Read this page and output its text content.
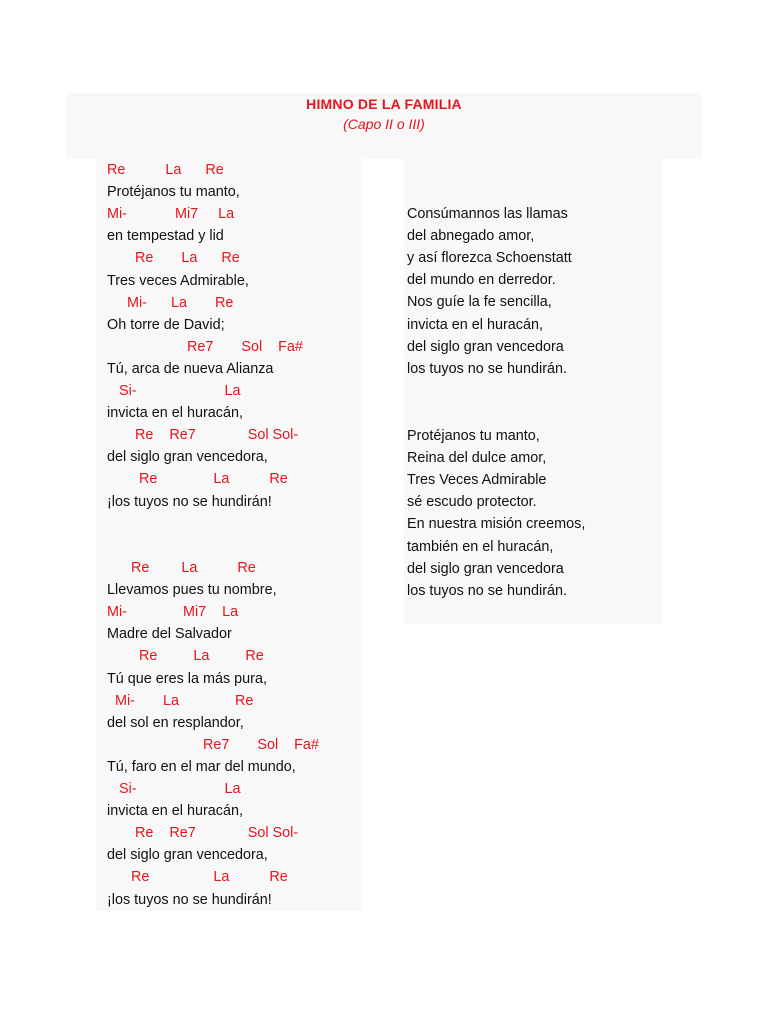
HIMNO DE LA FAMILIA
(Capo II o III)
Re          La      Re
Protéjanos tu manto,
Mi-            Mi7     La
en tempestad y lid
Re       La      Re
Tres veces Admirable,
Mi-      La       Re
Oh torre de David;
Re7       Sol    Fa#
Tú, arca de nueva Alianza
Si-                      La
invicta en el huracán,
Re    Re7             Sol Sol-
del siglo gran vencedora,
Re              La          Re
¡los tuyos no se hundirán!
Re        La          Re
Llevamos pues tu nombre,
Mi-              Mi7    La
Madre del Salvador
Re         La         Re
Tú que eres la más pura,
Mi-       La              Re
del sol en resplandor,
Re7       Sol    Fa#
Tú, faro en el mar del mundo,
Si-                      La
invicta en el huracán,
Re    Re7             Sol Sol-
del siglo gran vencedora,
Re                La          Re
¡los tuyos no se hundirán!
Consúmannos las llamas
del abnegado amor,
y así florezca Schoenstatt
del mundo en derredor.
Nos guíe la fe sencilla,
invicta en el huracán,
del siglo gran vencedora
los tuyos no se hundirán.
Protéjanos tu manto,
Reina del dulce amor,
Tres Veces Admirable
sé escudo protector.
En nuestra misión creemos,
también en el huracán,
del siglo gran vencedora
los tuyos no se hundirán.
